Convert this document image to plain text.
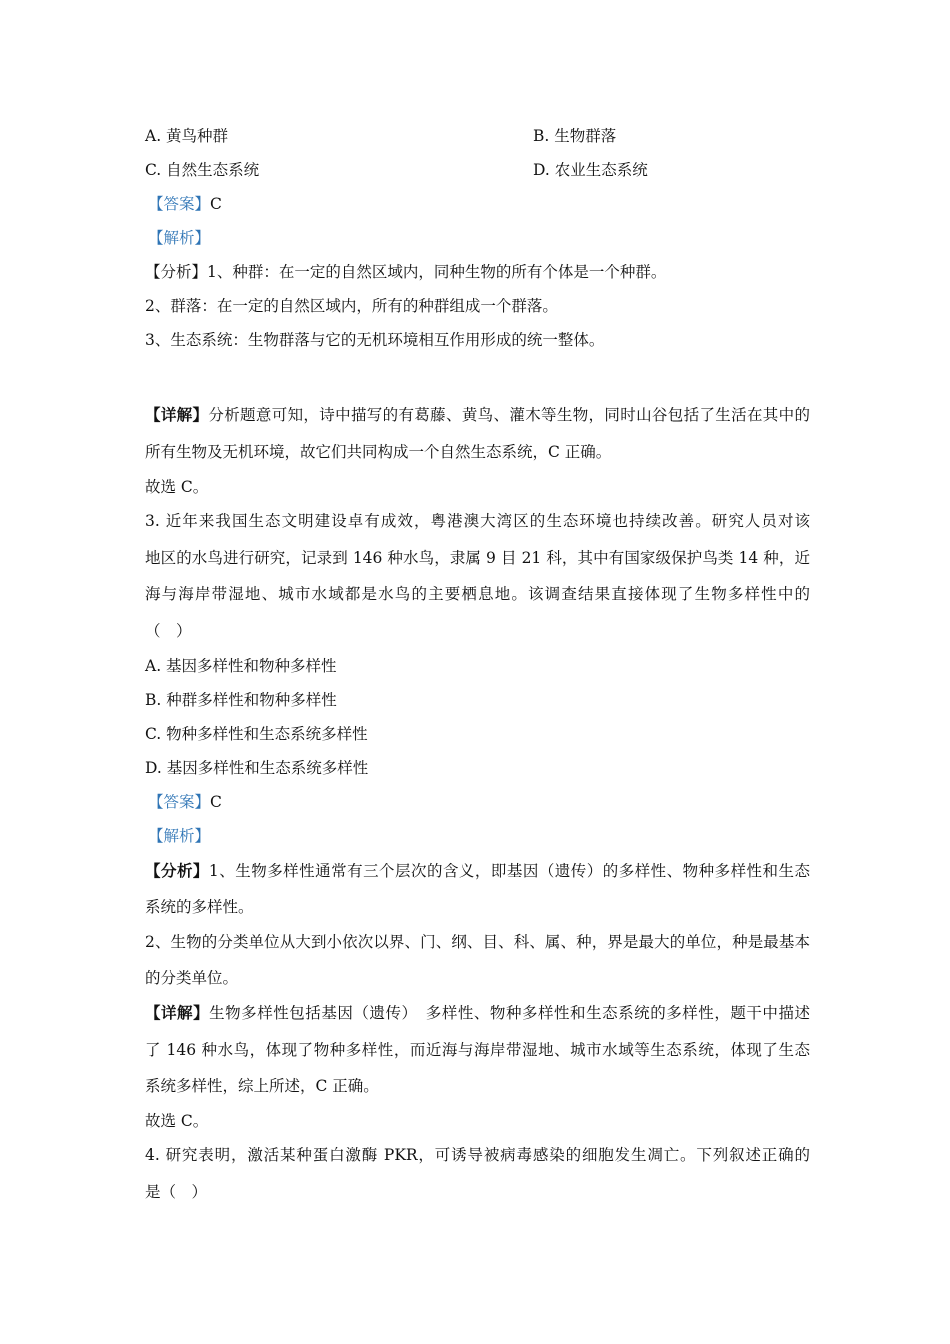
A. 黄鸟种群	B. 生物群落
C. 自然生态系统	D. 农业生态系统
【答案】C
【解析】
【分析】1、种群：在一定的自然区域内，同种生物的所有个体是一个种群。
2、群落：在一定的自然区域内，所有的种群组成一个群落。
3、生态系统：生物群落与它的无机环境相互作用形成的统一整体。
【详解】分析题意可知，诗中描写的有葛藤、黄鸟、灌木等生物，同时山谷包括了生活在其中的
所有生物及无机环境，故它们共同构成一个自然生态系统，C 正确。
故选 C。
3. 近年来我国生态文明建设卓有成效，粤港澳大湾区的生态环境也持续改善。研究人员对该
地区的水鸟进行研究，记录到 146 种水鸟，隶属 9 目 21 科，其中有国家级保护鸟类 14 种，近
海与海岸带湿地、城市水域都是水鸟的主要栖息地。该调查结果直接体现了生物多样性中的
（　）
A. 基因多样性和物种多样性
B. 种群多样性和物种多样性
C. 物种多样性和生态系统多样性
D. 基因多样性和生态系统多样性
【答案】C
【解析】
【分析】1、生物多样性通常有三个层次的含义，即基因（遗传）的多样性、物种多样性和生态
系统的多样性。
2、生物的分类单位从大到小依次以界、门、纲、目、科、属、种，界是最大的单位，种是最基本
的分类单位。
【详解】生物多样性包括基因（遗传）　多样性、物种多样性和生态系统的多样性，题干中描述
了 146 种水鸟，体现了物种多样性，而近海与海岸带湿地、城市水域等生态系统，体现了生态
系统多样性，综上所述，C 正确。
故选 C。
4. 研究表明，激活某种蛋白激酶 PKR，可诱导被病毒感染的细胞发生凋亡。下列叙述正确的
是（　）
